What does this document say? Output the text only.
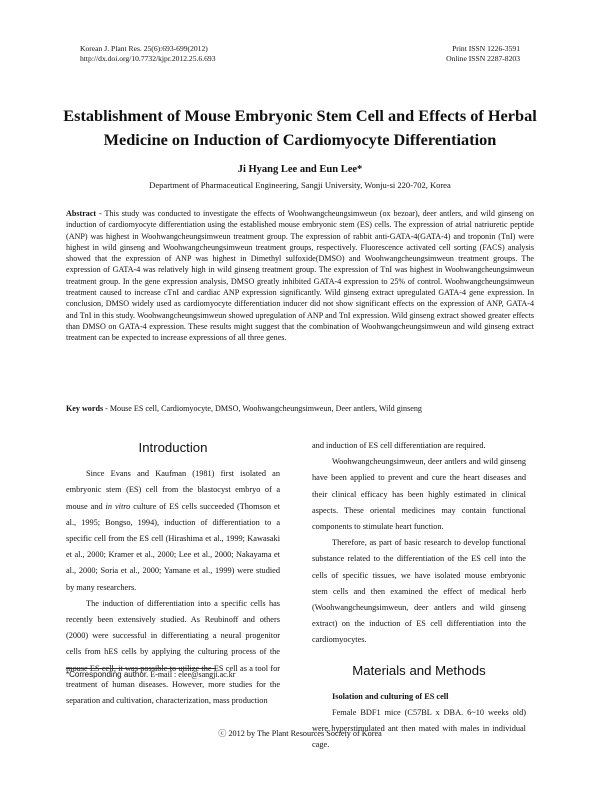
Korean J. Plant Res. 25(6):693-699(2012)
http://dx.doi.org/10.7732/kjpr.2012.25.6.693
Print ISSN 1226-3591
Online ISSN 2287-8203
Establishment of Mouse Embryonic Stem Cell and Effects of Herbal Medicine on Induction of Cardiomyocyte Differentiation
Ji Hyang Lee and Eun Lee*
Department of Pharmaceutical Engineering, Sangji University, Wonju-si 220-702, Korea
Abstract - This study was conducted to investigate the effects of Woohwangcheungsimweun (ox bezoar), deer antlers, and wild ginseng on induction of cardiomyocyte differentiation using the established mouse embryonic stem (ES) cells. The expression of atrial natriuretic peptide (ANP) was highest in Woohwangcheungsimweun treatment group. The expression of rabbit anti-GATA-4(GATA-4) and troponin (TnI) were highest in wild ginseng and Woohwangcheungsimweun treatment groups, respectively. Fluorescence activated cell sorting (FACS) analysis showed that the expression of ANP was highest in Dimethyl sulfoxide(DMSO) and Woohwangcheungsimweun treatment groups. The expression of GATA-4 was relatively high in wild ginseng treatment group. The expression of TnI was highest in Woohwangcheungsimweun treatment group. In the gene expression analysis, DMSO greatly inhibited GATA-4 expression to 25% of control. Woohwangcheungsimweun treatment caused to increase cTnI and cardiac ANP expression significantly. Wild ginseng extract upregulated GATA-4 gene expression. In conclusion, DMSO widely used as cardiomyocyte differentiation inducer did not show significant effects on the expression of ANP, GATA-4 and TnI in this study. Woohwangcheungsimweun showed upregulation of ANP and TnI expression. Wild ginseng extract showed greater effects than DMSO on GATA-4 expression. These results might suggest that the combination of Woohwangcheungsimweun and wild ginseng extract treatment can be expected to increase expressions of all three genes.
Key words - Mouse ES cell, Cardiomyocyte, DMSO, Woohwangcheungsimweun, Deer antlers, Wild ginseng
Introduction

Since Evans and Kaufman (1981) first isolated an embryonic stem (ES) cell from the blastocyst embryo of a mouse and in vitro culture of ES cells succeeded (Thomson et al., 1995; Bongso, 1994), induction of differentiation to a specific cell from the ES cell (Hirashima et al., 1999; Kawasaki et al., 2000; Kramer et al., 2000; Lee et al., 2000; Nakayama et al., 2000; Soria et al., 2000; Yamane et al., 1999) were studied by many researchers.

The induction of differentiation into a specific cells has recently been extensively studied. As Reubinoff and others (2000) were successful in differentiating a neural progenitor cells from hES cells by applying the culturing process of the mouse ES cell, it was possible to utilize the ES cell as a tool for treatment of human diseases. However, more studies for the separation and cultivation, characterization, mass production

and induction of ES cell differentiation are required.

Woohwangcheungsimweun, deer antlers and wild ginseng have been applied to prevent and cure the heart diseases and their clinical efficacy has been highly estimated in clinical aspects. These oriental medicines may contain functional components to stimulate heart function.

Therefore, as part of basic research to develop functional substance related to the differentiation of the ES cell into the cells of specific tissues, we have isolated mouse embryonic stem cells and then examined the effect of medical herb (Woohwangcheungsimweun, deer antlers and wild ginseng extract) on the induction of ES cell differentiation into the cardiomyocytes.

Materials and Methods

Isolation and culturing of ES cell

Female BDF1 mice (C57BL x DBA. 6~10 weeks old) were hyperstimulated ant then mated with males in individual cage.

*Corresponding author. E-mail : elee@sangji.ac.kr
ⓒ 2012 by The Plant Resources Society of Korea
